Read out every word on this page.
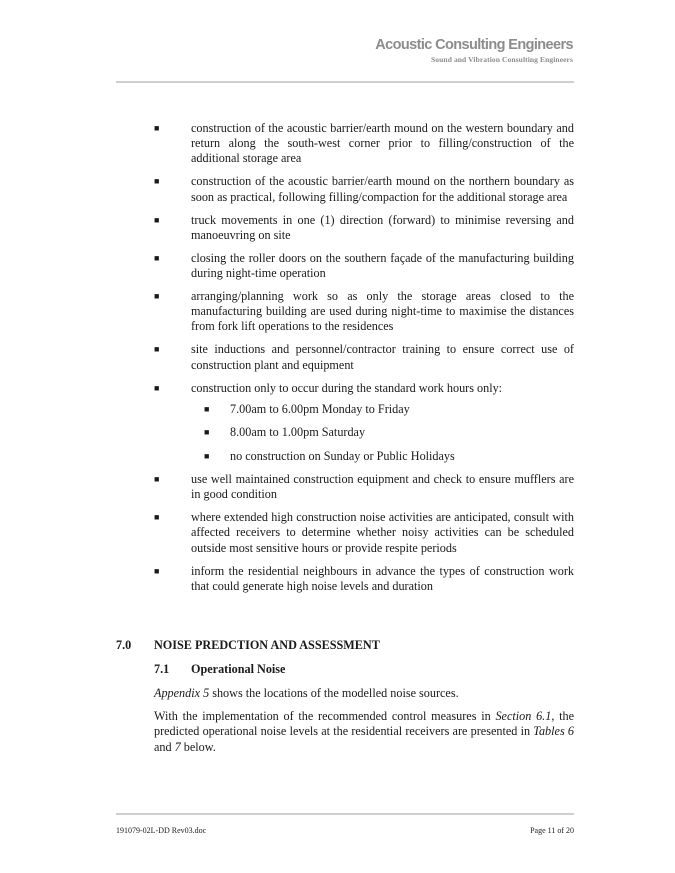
Acoustic Consulting Engineers
Sound and Vibration Consulting Engineers
■	construction of the acoustic barrier/earth mound on the western boundary and return along the south-west corner prior to filling/construction of the additional storage area
■	construction of the acoustic barrier/earth mound on the northern boundary as soon as practical, following filling/compaction for the additional storage area
■	truck movements in one (1) direction (forward) to minimise reversing and manoeuvring on site
■	closing the roller doors on the southern façade of the manufacturing building during night-time operation
■	arranging/planning work so as only the storage areas closed to the manufacturing building are used during night-time to maximise the distances from fork lift operations to the residences
■	site inductions and personnel/contractor training to ensure correct use of construction plant and equipment
■	construction only to occur during the standard work hours only:
■ 7.00am to 6.00pm Monday to Friday
■ 8.00am to 1.00pm Saturday
■ no construction on Sunday or Public Holidays
■	use well maintained construction equipment and check to ensure mufflers are in good condition
■	where extended high construction noise activities are anticipated, consult with affected receivers to determine whether noisy activities can be scheduled outside most sensitive hours or provide respite periods
■	inform the residential neighbours in advance the types of construction work that could generate high noise levels and duration
7.0	NOISE PREDCTION AND ASSESSMENT
7.1	Operational Noise
Appendix 5 shows the locations of the modelled noise sources.
With the implementation of the recommended control measures in Section 6.1, the predicted operational noise levels at the residential receivers are presented in Tables 6 and 7 below.
191079-02L-DD Rev03.doc	Page 11 of 20
